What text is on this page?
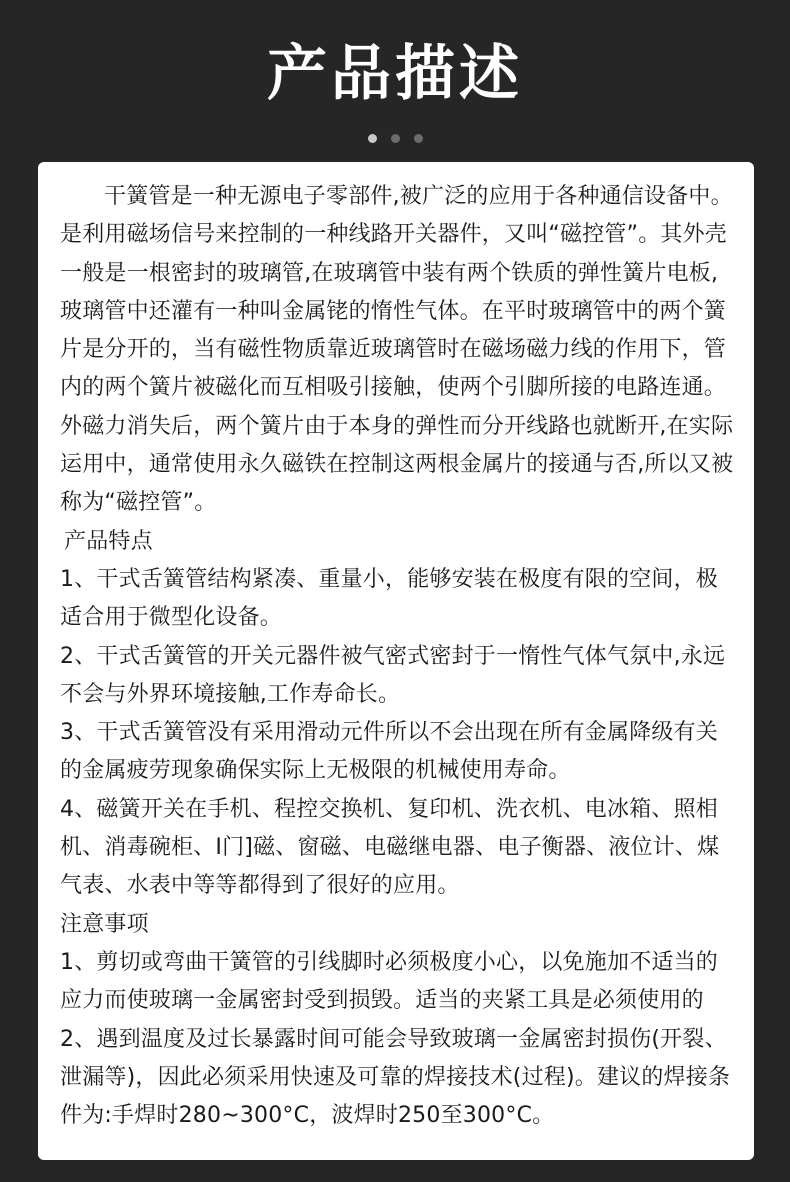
产品描述

干簧管是一种无源电子零部件,被广泛的应用于各种通信设备中。是利用磁场信号来控制的一种线路开关器件，又叫“磁控管”。其外壳一般是一根密封的玻璃管,在玻璃管中装有两个铁质的弹性簧片电板,玻璃管中还灌有一种叫金属铑的惰性气体。在平时玻璃管中的两个簧片是分开的，当有磁性物质靠近玻璃管时在磁场磁力线的作用下，管内的两个簧片被磁化而互相吸引接触，使两个引脚所接的电路连通。外磁力消失后，两个簧片由于本身的弹性而分开线路也就断开,在实际运用中，通常使用永久磁铁在控制这两根金属片的接通与否,所以又被称为“磁控管”。

产品特点

1、干式舌簧管结构紧凑、重量小，能够安装在极度有限的空间，极适合用于微型化设备。

2、干式舌簧管的开关元器件被气密式密封于一惰性气体气氛中,永远不会与外界环境接触,工作寿命长。

3、干式舌簧管没有采用滑动元件所以不会出现在所有金属降级有关的金属疲劳现象确保实际上无极限的机械使用寿命。

4、磁簧开关在手机、程控交换机、复印机、洗衣机、电冰箱、照相机、消毒碗柜、Ⅰ门]磁、窗磁、电磁继电器、电子衡器、液位计、煤气表、水表中等等都得到了很好的应用。

注意事项

1、剪切或弯曲干簧管的引线脚时必须极度小心，以免施加不适当的应力而使玻璃一金属密封受到损毁。适当的夹紧工具是必须使用的

2、遇到温度及过长暴露时间可能会导致玻璃一金属密封损伤(开裂、泄漏等)，因此必须采用快速及可靠的焊接技术(过程)。建议的焊接条件为:手焊时280~300°C，波焊时250至300°C。
